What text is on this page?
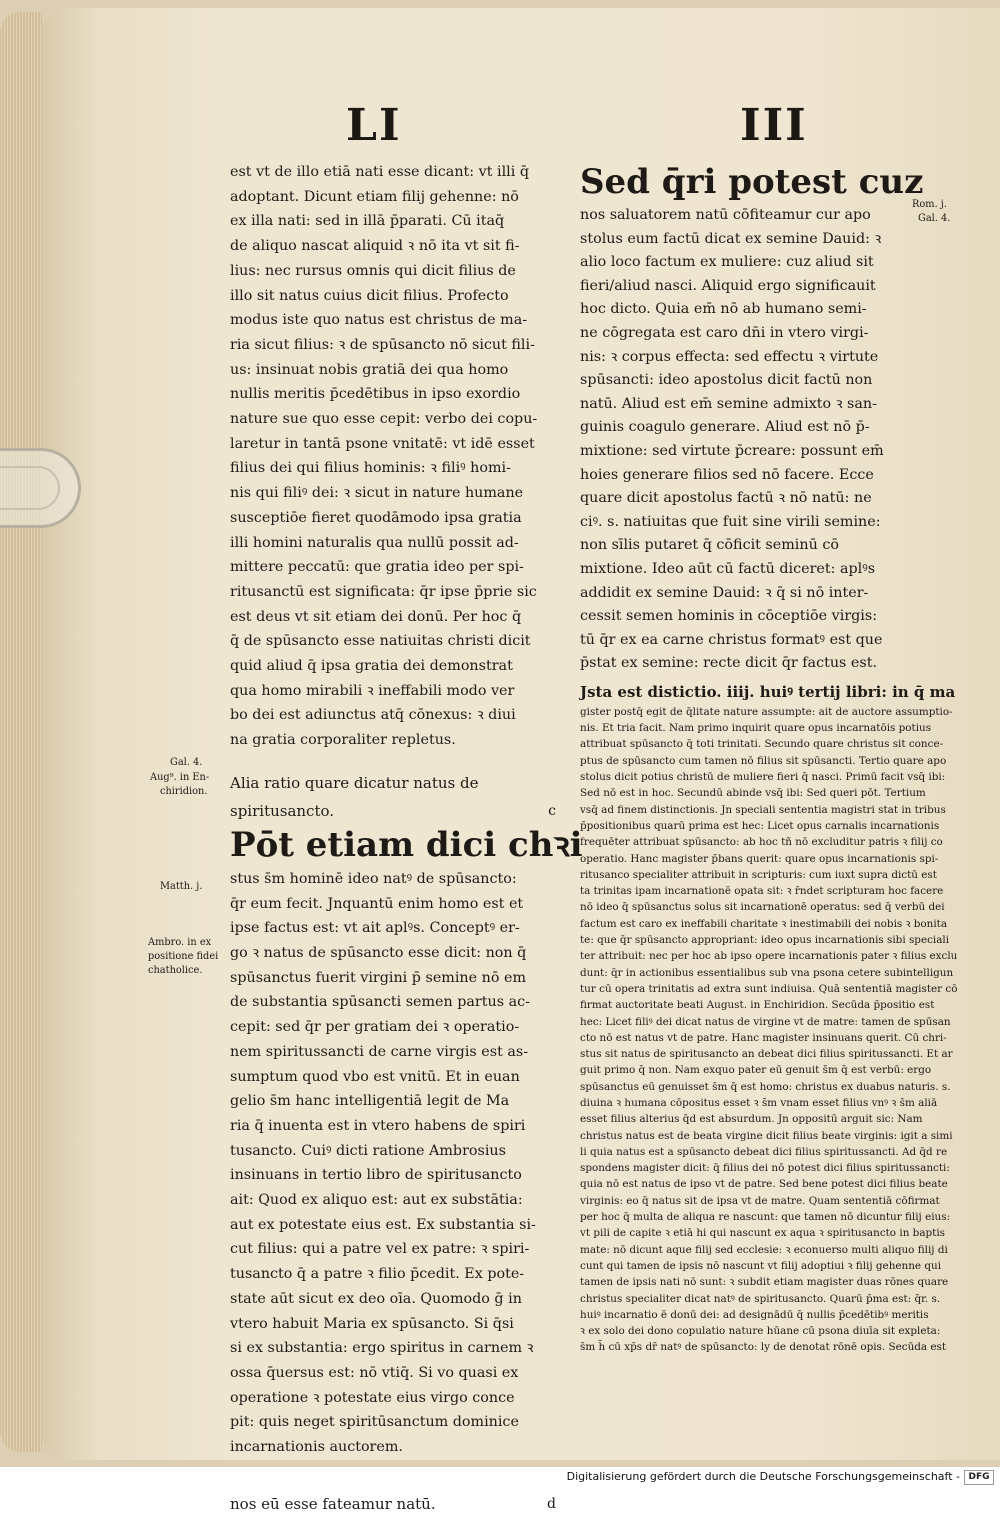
LI	III
est vt de illo etiā nati esse dicant: vt illi q̄
adoptant. Dicunt etiam filij gehenne: nō
ex illa nati: sed in illā p̄parati. Cū itaq̄
de aliquo nascat aliquid ꝛ nō ita vt sit fi-
lius: nec rursus omnis qui dicit filius de
illo sit natus cuius dicit filius. Profecto
modus iste quo natus est christus de ma-
ria sicut filius: ꝛ de spūsancto nō sicut fili-
us: insinuat nobis gratiā dei qua homo
nullis meritis p̄cedētibus in ipso exordio
nature sue quo esse cepit: verbo dei copu-
laretur in tantā psone vnitatē: vt idē esset
filius dei qui filius hominis: ꝛ filiꝰ homi-
nis qui filiꝰ dei: ꝛ sicut in nature humane
susceptiōe fieret quodāmodo ipsa gratia
illi homini naturalis qua nullū possit ad-
mittere peccatū: que gratia ideo per spi-
ritusanctū est significata: q̄r ipse p̄prie sic
est deus vt sit etiam dei donū. Per hoc q̄
q̄ de spūsancto esse natiuitas christi dicit
quid aliud q̄ ipsa gratia dei demonstrat
qua homo mirabili ꝛ ineffabili modo ver
bo dei est adiunctus atq̄ cōnexus: ꝛ diui
na gratia corporaliter repletus.
Alia ratio quare dicatur natus de
spiritusancto.	c
Pōt etiam dici chꝛi
stus s̄m hominē ideo natꝰ de spūsancto:
q̄r eum fecit. Jnquantū enim homo est et
ipse factus est: vt ait aplꝰs. Conceptꝰ er-
go ꝛ natus de spūsancto esse dicit: non q̄
spūsanctus fuerit virgini p̄ semine nō em
de substantia spūsancti semen partus ac-
cepit: sed q̄r per gratiam dei ꝛ operatio-
nem spiritussancti de carne virgis est as-
sumptum quod vbo est vnitū. Et in euan
gelio s̄m hanc intelligentiā legit de Ma
ria q̄ inuenta est in vtero habens de spiri
tusancto. Cuiꝰ dicti ratione Ambrosius
insinuans in tertio libro de spiritusancto
ait: Quod ex aliquo est: aut ex substātia:
aut ex potestate eius est. Ex substantia si-
cut filius: qui a patre vel ex patre: ꝛ spiri-
tusancto q̄ a patre ꝛ filio p̄cedit. Ex pote-
state aūt sicut ex deo oīa. Quomodo ḡ in
vtero habuit Maria ex spūsancto. Si q̄si
si ex substantia: ergo spiritus in carnem ꝛ
ossa q̄uersus est: nō vtiq̄. Si vo quasi ex
operatione ꝛ potestate eius virgo conce
pit: quis neget spiritūsanctum dominice
incarnationis auctorem.
nos eū esse fateamur natū.	d
Gal. 4.
Aug⁹. in En-
chiridion.
Matth. j.
Ambro. in ex
positione fidei
chatholice.
Sed q̄ri potest cuz
nos saluatorem natū cōfiteamur cur apo
stolus eum factū dicat ex semine Dauid: ꝛ
alio loco factum ex muliere: cuz aliud sit
fieri/aliud nasci. Aliquid ergo significauit
hoc dicto. Quia em̄ nō ab humano semi-
ne cōgregata est caro dn̄i in vtero virgi-
nis: ꝛ corpus effecta: sed effectu ꝛ virtute
spūsancti: ideo apostolus dicit factū non
natū. Aliud est em̄ semine admixto ꝛ san-
guinis coagulo generare. Aliud est nō p̄-
mixtione: sed virtute p̄creare: possunt em̄
hoies generare filios sed nō facere. Ecce
quare dicit apostolus factū ꝛ nō natū: ne
ciꝰ. s. natiuitas que fuit sine virili semine:
non sīlis putaret q̄ cōficit seminū cō
mixtione. Ideo aūt cū factū diceret: aplꝰs
addidit ex semine Dauid: ꝛ q̄ si nō inter-
cessit semen hominis in cōceptiōe virgis:
tū q̄r ex ea carne christus formatꝰ est que
p̄stat ex semine: recte dicit q̄r factus est.
Jsta est distictio. iiij. huiꝰ tertij libri: in q̄ ma
gister postq̄ egit de q̄litate nature assumpte: ait de auctore assumptio-
nis. Et tria facit. Nam primo inquirit quare opus incarnatōis potius
attribuat spūsancto q̄ toti trinitati. Secundo quare christus sit conce-
ptus de spūsancto cum tamen nō filius sit spūsancti. Tertio quare apo
stolus dicit potius christū de muliere fieri q̄ nasci. Primū facit vsq̄ ibi:
Sed nō est in hoc. Secundū abinde vsq̄ ibi: Sed queri pōt. Tertium
vsq̄ ad finem distinctionis. Jn speciali sententia magistri stat in tribus
p̄positionibus quarū prima est hec: Licet opus carnalis incarnationis
frequēter attribuat spūsancto: ab hoc tñ nō excluditur patris ꝛ filij co
operatio. Hanc magister p̄bans querit: quare opus incarnationis spi-
ritusanco specialiter attribuit in scripturis: cum iuxt supra dictū est
ta trinitas ipam incarnationē opata sit: ꝛ r̄ndet scripturam hoc facere
nō ideo q̄ spūsanctus solus sit incarnationē operatus: sed q̄ verbū dei
factum est caro ex ineffabili charitate ꝛ inestimabili dei nobis ꝛ bonita
te: que q̄r spūsancto appropriant: ideo opus incarnationis sibi speciali
ter attribuit: nec per hoc ab ipso opere incarnationis pater ꝛ filius exclu
dunt: q̄r in actionibus essentialibus sub vna psona cetere subintelligun
tur cū opera trinitatis ad extra sunt indiuisa. Quā sententiā magister cō
firmat auctoritate beati August. in Enchiridion. Secūda p̄positio est
hec: Licet filiꝰ dei dicat natus de virgine vt de matre: tamen de spūsan
cto nō est natus vt de patre. Hanc magister insinuans querit. Cū chri-
stus sit natus de spiritusancto an debeat dici filius spiritussancti. Et ar
guit primo q̄ non. Nam exquo pater eū genuit s̄m q̄ est verbū: ergo
spūsanctus eū genuisset s̄m q̄ est homo: christus ex duabus naturis. s.
diuina ꝛ humana cōpositus esset ꝛ s̄m vnam esset filius vnꝰ ꝛ s̄m aliā
esset filius alterius q̄d est absurdum. Jn oppositū arguit sic: Nam
christus natus est de beata virgine dicit filius beate virginis: igit a simi
li quia natus est a spūsancto debeat dici filius spiritussancti. Ad q̄d re
spondens magister dicit: q̄ filius dei nō potest dici filius spiritussancti:
quia nō est natus de ipso vt de patre. Sed bene potest dici filius beate
virginis: eo q̄ natus sit de ipsa vt de matre. Quam sententiā cōfirmat
per hoc q̄ multa de aliqua re nascunt: que tamen nō dicuntur filij eius:
vt pili de capite ꝛ etiā hi qui nascunt ex aqua ꝛ spiritusancto in baptis
mate: nō dicunt aque filij sed ecclesie: ꝛ econuerso multi aliquo filij di
cunt qui tamen de ipsis nō nascunt vt filij adoptiui ꝛ filij gehenne qui
tamen de ipsis nati nō sunt: ꝛ subdit etiam magister duas rōnes quare
christus specialiter dicat natꝰ de spiritusancto. Quarū p̄ma est: q̄r. s.
huiꝰ incarnatio ē donū dei: ad designādū q̄ nullis p̄cedētibꝰ meritis
ꝛ ex solo dei dono copulatio nature hūane cū psona diuīa sit expleta:
s̄m h̄ cū xp̄s dr̄ natꝰ de spūsancto: ly de denotat rōnē opis. Secūda est
Rom. j.
Gal. 4.
Digitalisierung gefördert durch die Deutsche Forschungsgemeinschaft - DFG
